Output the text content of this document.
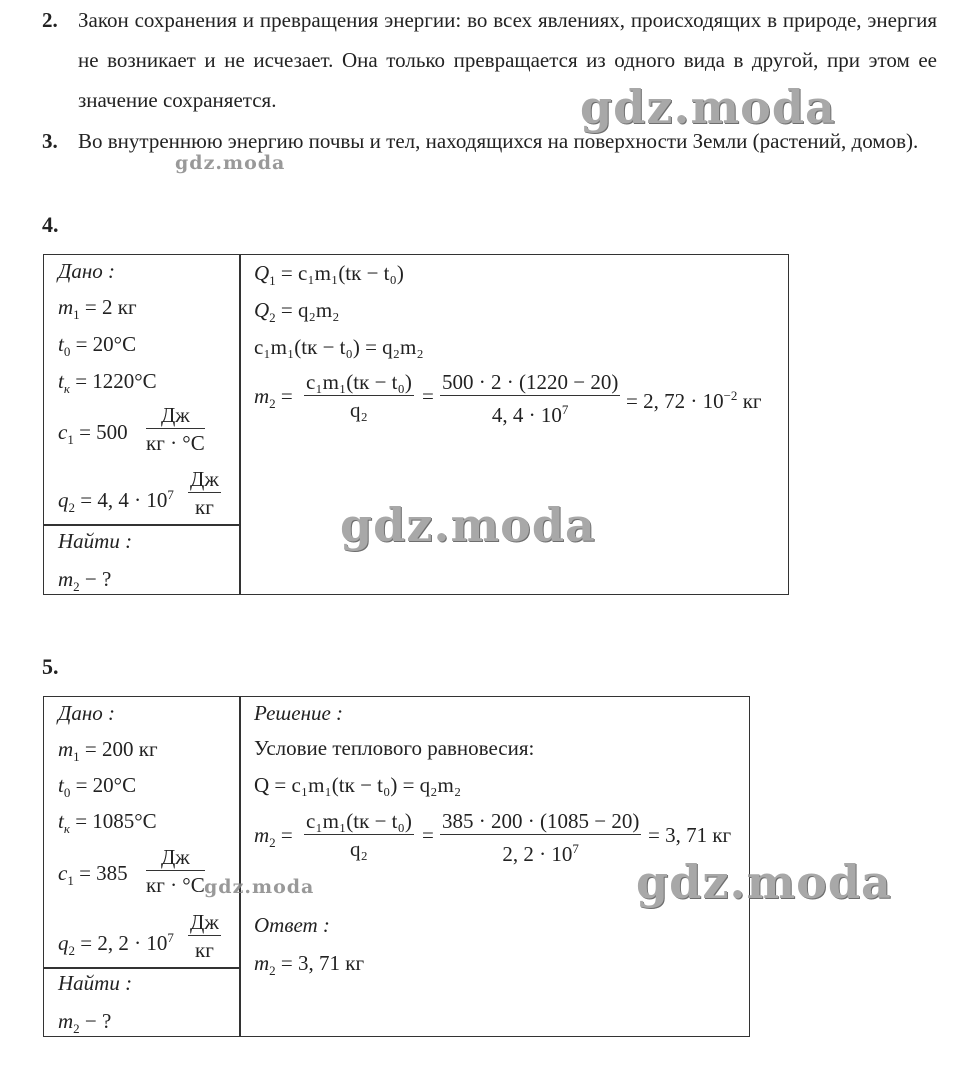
2. Закон сохранения и превращения энергии: во всех явлениях, происходящих в природе, энергия не возникает и не исчезает. Она только превращается из одного вида в другой, при этом ее значение сохраняется.
3. Во внутреннюю энергию почвы и тел, находящихся на поверхности Земли (растений, домов).
4.
Дано :
$m_1 = 2$ кг
$t_0 = 20^\circ C$
$t_к = 1220^\circ C$
$c_1 = 500$
Дж
кг · °C
$q_2 = 4$, $4 \cdot 10^7$
Дж
кг
Найти :
$m_2$ − ?
$Q_1 = c_1m_1(tк - t_0)$
$Q_2 = q_2m_2$
c₁m₁(tк − t₀) = q₂m₂
$m_2$ =
c₁m₁(tк − t₀)
q₂
= $\frac{500 \cdot 2 \cdot (1220 - 20)}{4, 4 \cdot 10^7} = 2$, $72 \cdot 10^{-2}$ кг
5.
Дано :
$m_1 = 200$ кг
$t_0 = 20^\circ C$
$t_к = 1085^\circ C$
$c_1 = 385$
Дж
кг · °C
$q_2 = 2$, $2 \cdot 10^7$
Дж
кг
Найти :
$m_2$ − ?
Решение :
Условие теплового равновесия:
Q = c₁m₁(tк − t₀) = q₂m₂
$m_2$ =
c₁m₁(tк − t₀)
q₂
= $\frac{385 \cdot 200 \cdot (1085 - 20)}{2, 2 \cdot 10^7} = 3$, 71 кг
Ответ :
$m_2 = 3$, 71 кг
gdz.moda
gdz.moda
gdz.moda
gdz.moda	gdz.moda
